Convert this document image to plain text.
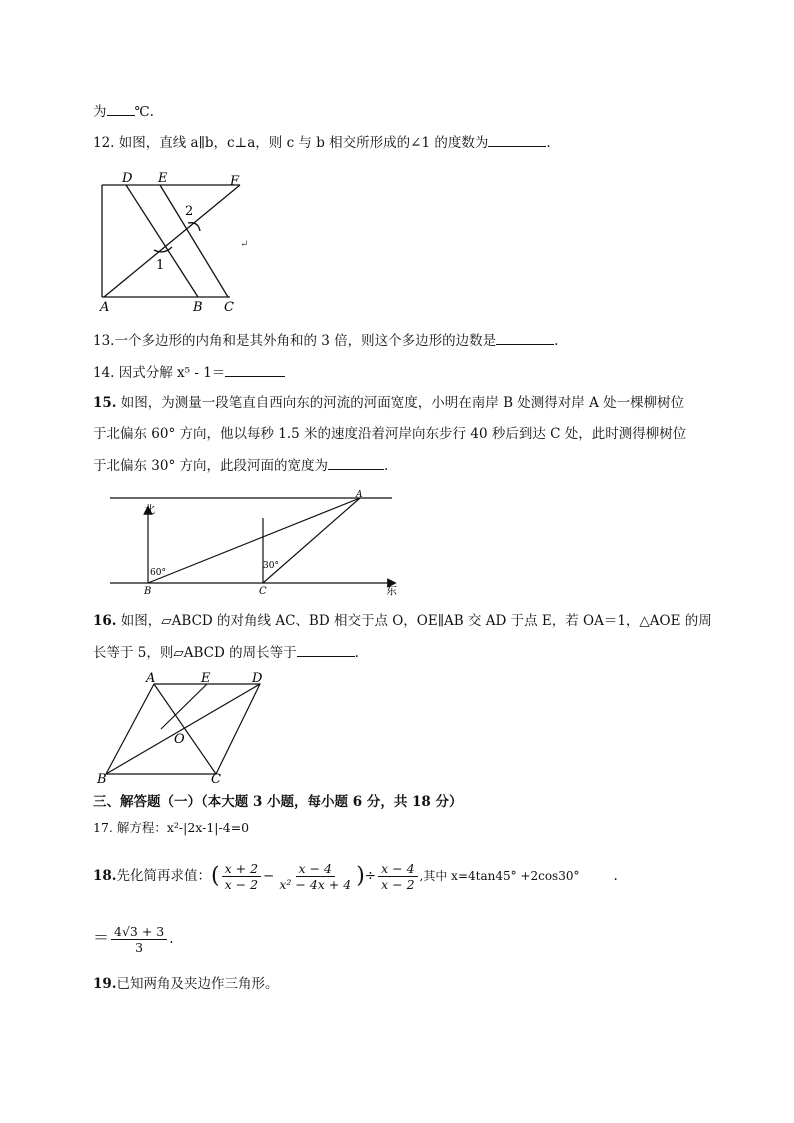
为 ℃.
12. 如图，直线 a∥b，c⊥a，则 c 与 b 相交所形成的∠1 的度数为	.
D E	F
A	B C
1
2
↵
13.一个多边形的内角和是其外角和的 3 倍，则这个多边形的边数是	.
14. 因式分解 x⁵ - 1＝
15. 如图，为测量一段笔直自西向东的河流的河面宽度，小明在南岸 B 处测得对岸 A 处一棵柳树位
于北偏东 60° 方向，他以每秒 1.5 米的速度沿着河岸向东步行 40 秒后到达 C 处，此时测得柳树位
于北偏东 30° 方向，此段河面的宽度为	.
北
东
60°
30°
B	C
A
16. 如图，▱ABCD 的对角线 AC、BD 相交于点 O，OE∥AB 交 AD 于点 E，若 OA＝1，△AOE 的周
长等于 5，则▱ABCD 的周长等于	.
A	E	D
O
B	C
三、解答题（一）（本大题 3 小题，每小题 6 分，共 18 分）
17. 解方程：x²-|2x-1|-4=0
18.先化简再求值：( $\frac{x + 2}{x - 2} - \frac{x - 4}{\text{x² − 4x + 4}}$ )÷ $\frac{x - 4}{x - 2}$ ,其中 x=4tan45° +2cos30°	.
＝ $\frac{4√3 + 3}{3}$ .
19.已知两角及夹边作三角形。
